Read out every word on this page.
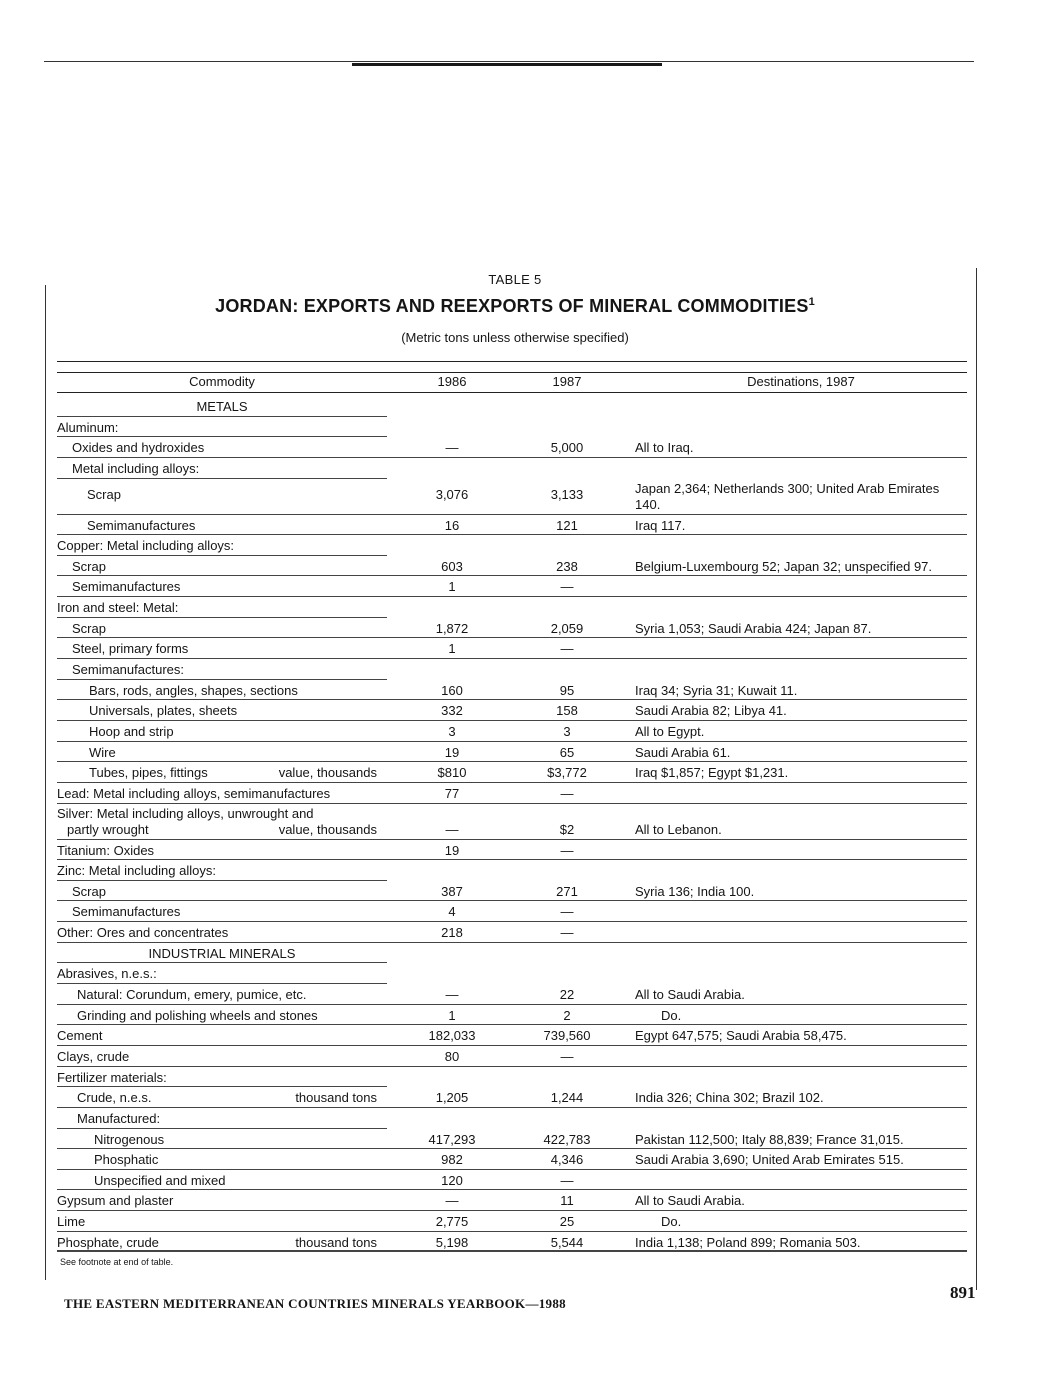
TABLE 5
JORDAN: EXPORTS AND REEXPORTS OF MINERAL COMMODITIES$^1$
(Metric tons unless otherwise specified)
Commodity	1986	1987	Destinations, 1987
METALS
Aluminum:
Oxides and hydroxides	—	5,000	All to Iraq.
Metal including alloys:
Scrap	3,076	3,133	Japan 2,364; Netherlands 300; United Arab Emirates 140.
Semimanufactures	16	121	Iraq 117.
Copper: Metal including alloys:
Scrap	603	238	Belgium-Luxembourg 52; Japan 32; unspecified 97.
Semimanufactures	1	—
Iron and steel: Metal:
Scrap	1,872	2,059	Syria 1,053; Saudi Arabia 424; Japan 87.
Steel, primary forms	1	—
Semimanufactures:
Bars, rods, angles, shapes, sections	160	95	Iraq 34; Syria 31; Kuwait 11.
Universals, plates, sheets	332	158	Saudi Arabia 82; Libya 41.
Hoop and strip	3	3	All to Egypt.
Wire	19	65	Saudi Arabia 61.
Tubes, pipes, fittings	value, thousands	$810	$3,772	Iraq $1,857; Egypt $1,231.
Lead: Metal including alloys, semimanufactures	77	—
Silver: Metal including alloys, unwrought and
partly wrought	value, thousands	—	$2	All to Lebanon.
Titanium: Oxides	19	—
Zinc: Metal including alloys:
Scrap	387	271	Syria 136; India 100.
Semimanufactures	4	—
Other: Ores and concentrates	218	—
INDUSTRIAL MINERALS
Abrasives, n.e.s.:
Natural: Corundum, emery, pumice, etc.	—	22	All to Saudi Arabia.
Grinding and polishing wheels and stones	1	2	Do.
Cement	182,033	739,560	Egypt 647,575; Saudi Arabia 58,475.
Clays, crude	80	—
Fertilizer materials:
Crude, n.e.s.	thousand tons	1,205	1,244	India 326; China 302; Brazil 102.
Manufactured:
Nitrogenous	417,293	422,783	Pakistan 112,500; Italy 88,839; France 31,015.
Phosphatic	982	4,346	Saudi Arabia 3,690; United Arab Emirates 515.
Unspecified and mixed	120	—
Gypsum and plaster	—	11	All to Saudi Arabia.
Lime	2,775	25	Do.
Phosphate, crude	thousand tons	5,198	5,544	India 1,138; Poland 899; Romania 503.
See footnote at end of table.
THE EASTERN MEDITERRANEAN COUNTRIES MINERALS YEARBOOK—1988
891
